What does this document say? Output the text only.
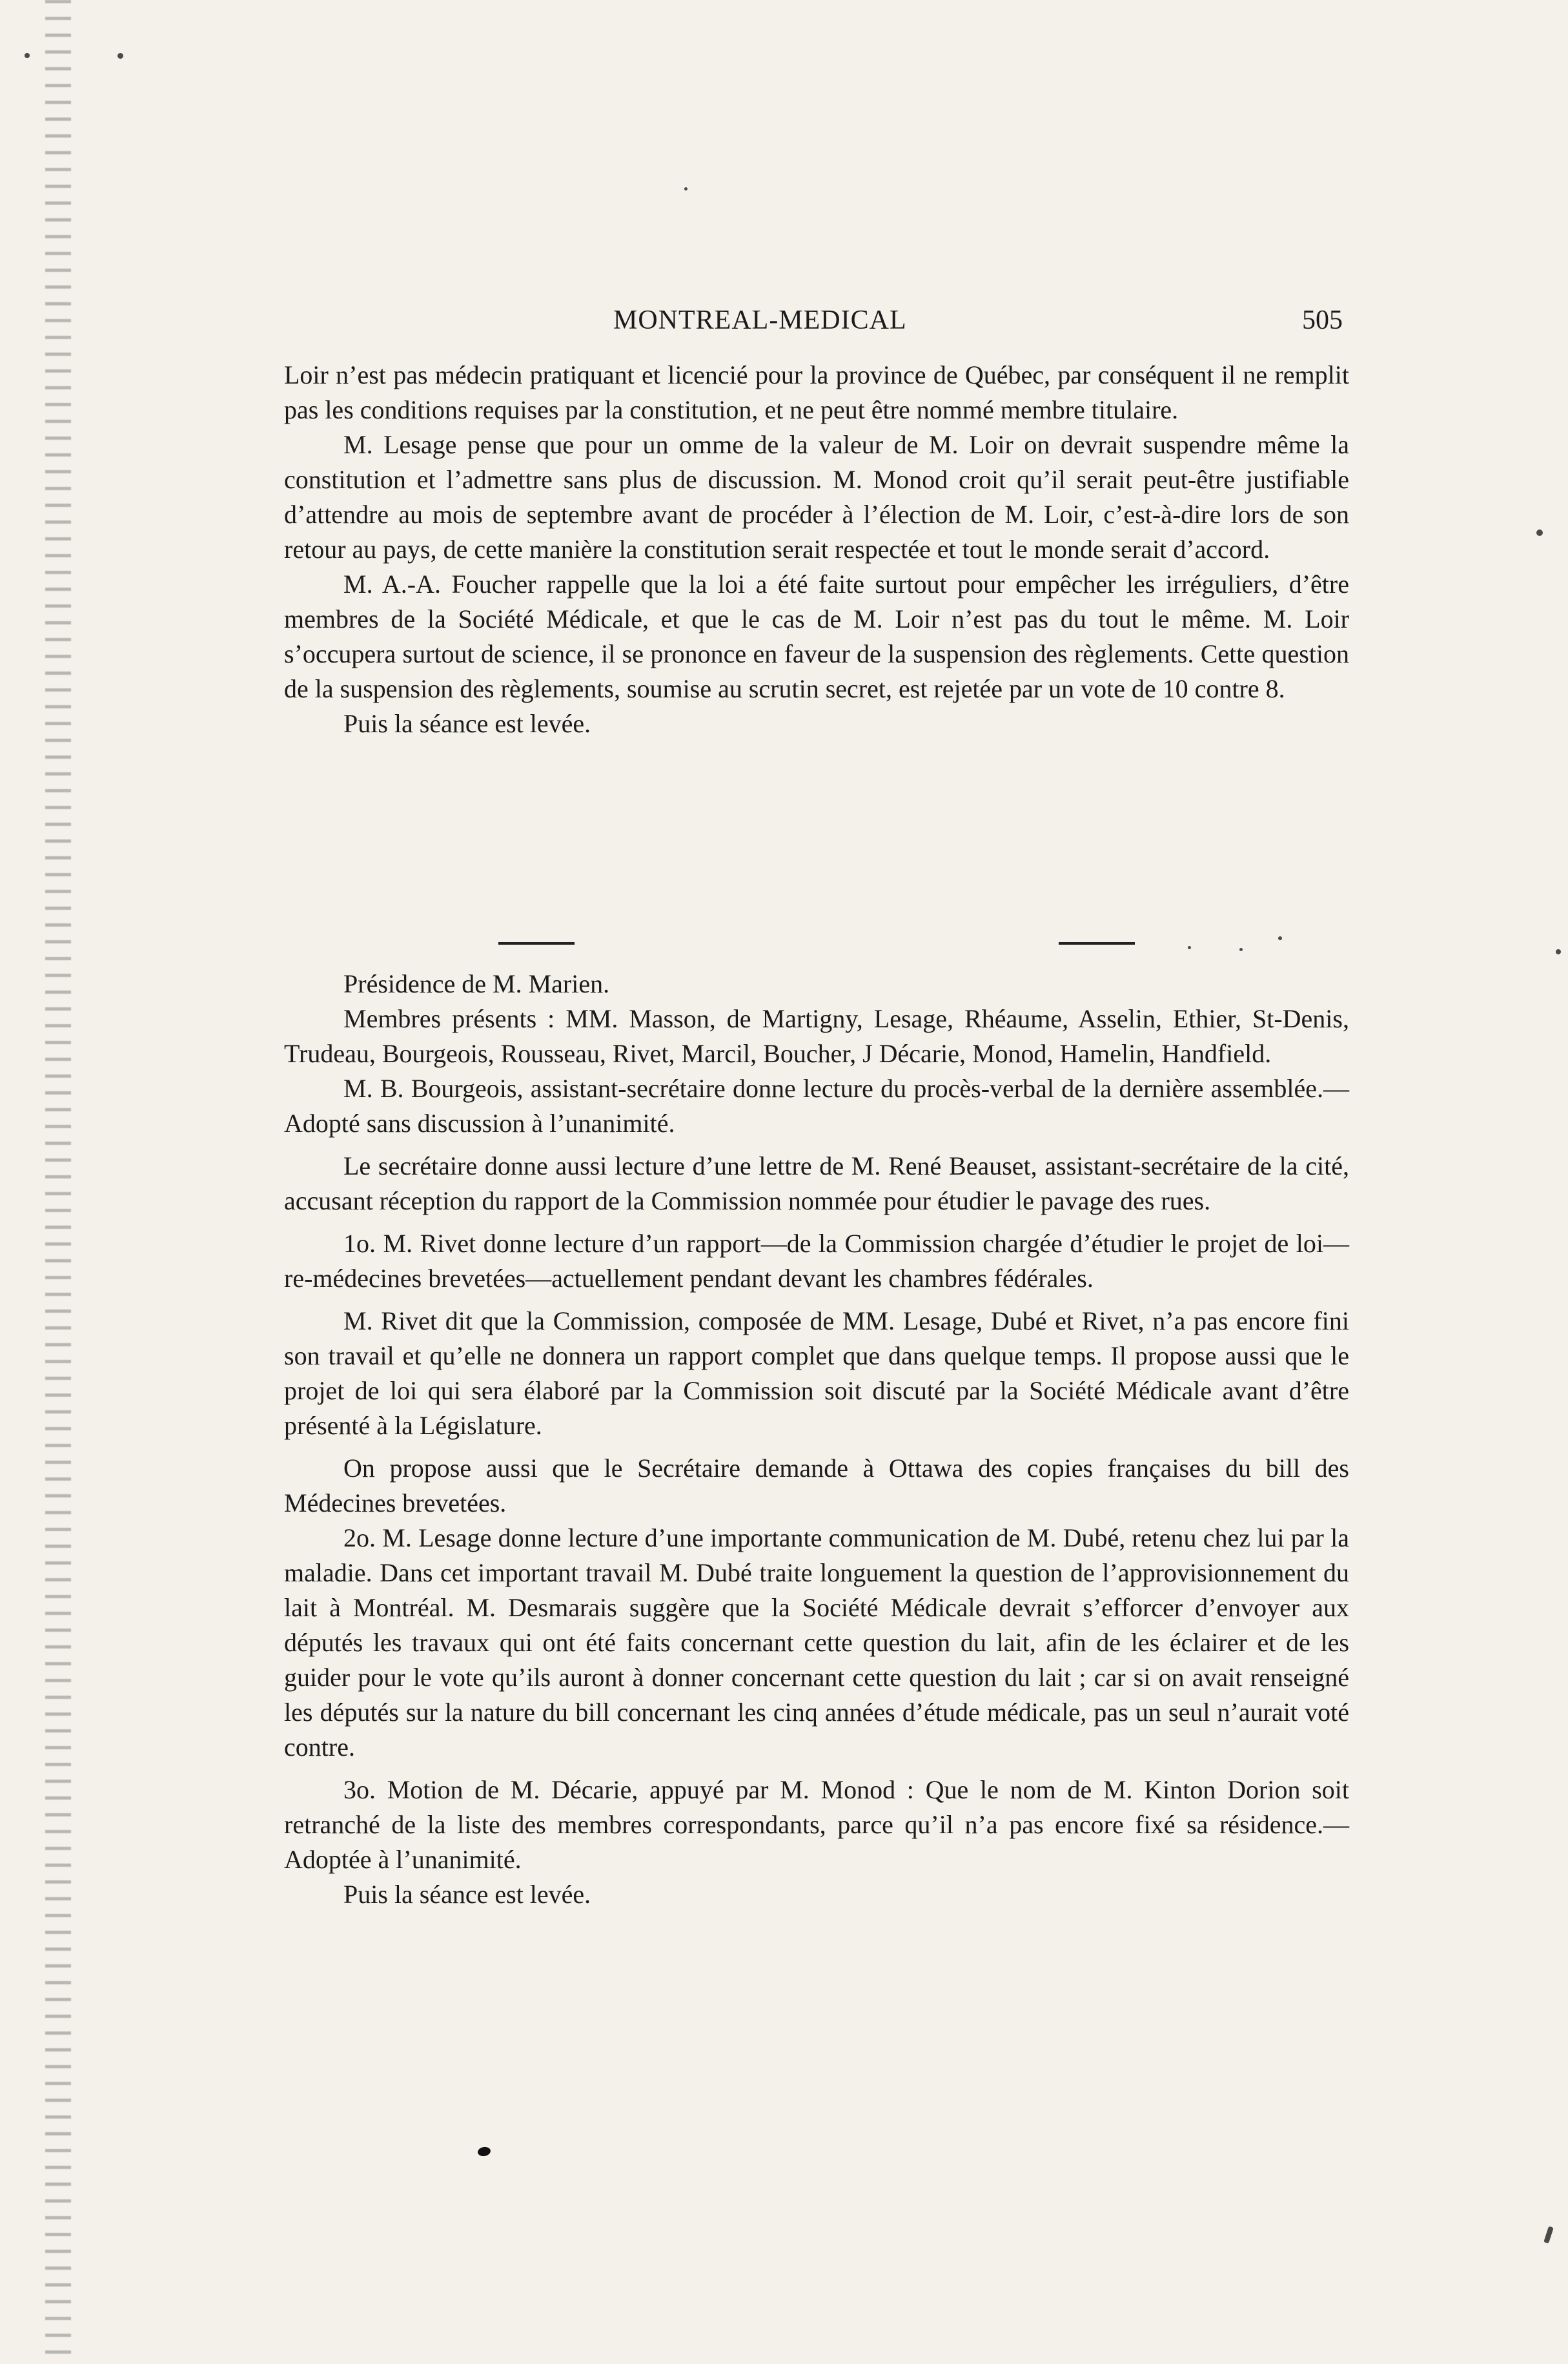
MONTREAL-MEDICAL	505

Loir n’est pas médecin pratiquant et licencié pour la province de Québec, par conséquent il ne remplit pas les conditions requises par la constitution, et ne peut être nommé membre titulaire.

M. Lesage pense que pour un omme de la valeur de M. Loir on devrait suspendre même la constitution et l’admettre sans plus de discussion. M. Monod croit qu’il serait peut-être justifiable d’attendre au mois de septembre avant de procéder à l’élection de M. Loir, c’est-à-dire lors de son retour au pays, de cette manière la constitution serait respectée et tout le monde serait d’accord.

M. A.-A. Foucher rappelle que la loi a été faite surtout pour empêcher les irréguliers, d’être membres de la Société Médicale, et que le cas de M. Loir n’est pas du tout le même. M. Loir s’occupera surtout de science, il se prononce en faveur de la suspension des règlements. Cette question de la suspension des règlements, soumise au scrutin secret, est rejetée par un vote de 10 contre 8.

Puis la séance est levée.

Présidence de M. Marien.

Membres présents : MM. Masson, de Martigny, Lesage, Rhéaume, Asselin, Ethier, St-Denis, Trudeau, Bourgeois, Rousseau, Rivet, Marcil, Boucher, J Décarie, Monod, Hamelin, Handfield.

M. B. Bourgeois, assistant-secrétaire donne lecture du procès-verbal de la dernière assemblée.—Adopté sans discussion à l’unanimité.

Le secrétaire donne aussi lecture d’une lettre de M. René Beauset, assistant-secrétaire de la cité, accusant réception du rapport de la Commission nommée pour étudier le pavage des rues.

1o. M. Rivet donne lecture d’un rapport—de la Commission chargée d’étudier le projet de loi—re-médecines brevetées—actuellement pendant devant les chambres fédérales.

M. Rivet dit que la Commission, composée de MM. Lesage, Dubé et Rivet, n’a pas encore fini son travail et qu’elle ne donnera un rapport complet que dans quelque temps. Il propose aussi que le projet de loi qui sera élaboré par la Commission soit discuté par la Société Médicale avant d’être présenté à la Législature.

On propose aussi que le Secrétaire demande à Ottawa des copies françaises du bill des Médecines brevetées.

2o. M. Lesage donne lecture d’une importante communication de M. Dubé, retenu chez lui par la maladie. Dans cet important travail M. Dubé traite longuement la question de l’approvisionnement du lait à Montréal. M. Desmarais suggère que la Société Médicale devrait s’efforcer d’envoyer aux députés les travaux qui ont été faits concernant cette question du lait, afin de les éclairer et de les guider pour le vote qu’ils auront à donner concernant cette question du lait ; car si on avait renseigné les députés sur la nature du bill concernant les cinq années d’étude médicale, pas un seul n’aurait voté contre.

3o. Motion de M. Décarie, appuyé par M. Monod : Que le nom de M. Kinton Dorion soit retranché de la liste des membres correspondants, parce qu’il n’a pas encore fixé sa résidence.—Adoptée à l’unanimité.

Puis la séance est levée.
